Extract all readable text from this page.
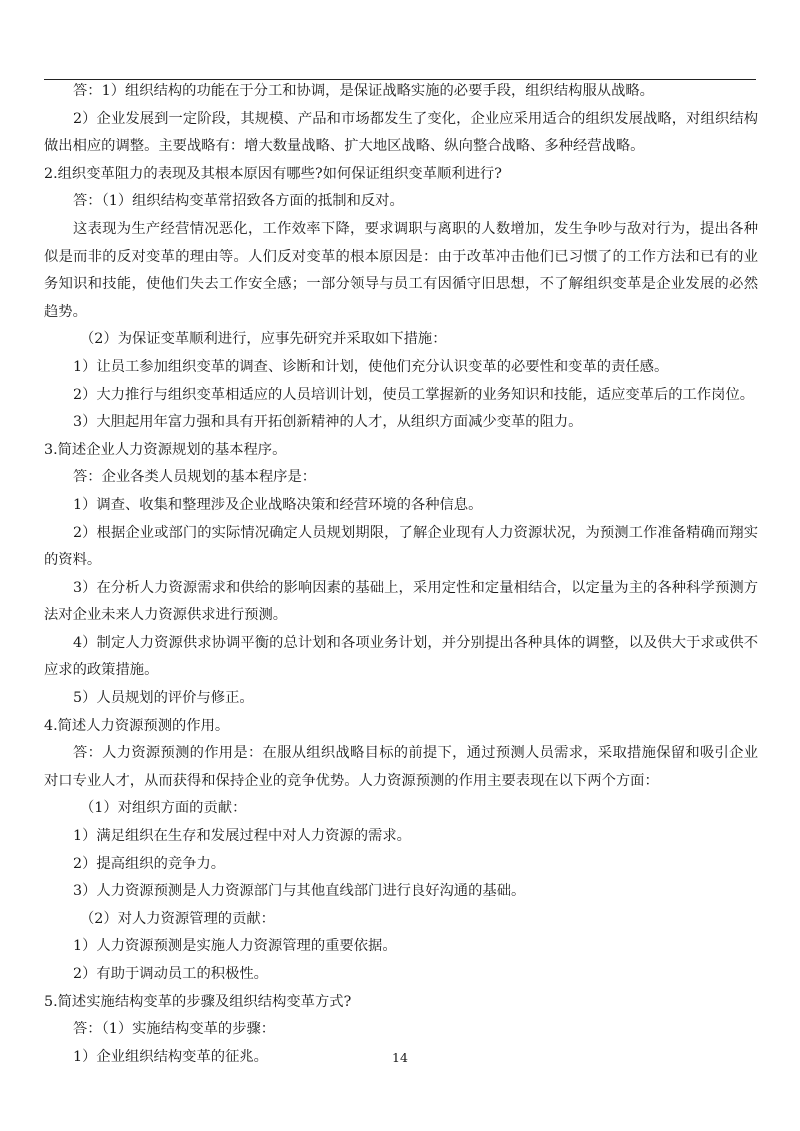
答：1）组织结构的功能在于分工和协调，是保证战略实施的必要手段，组织结构服从战略。

2）企业发展到一定阶段，其规模、产品和市场都发生了变化，企业应采用适合的组织发展战略，对组织结构做出相应的调整。主要战略有：增大数量战略、扩大地区战略、纵向整合战略、多种经营战略。

2.组织变革阻力的表现及其根本原因有哪些?如何保证组织变革顺利进行?

答：（1）组织结构变革常招致各方面的抵制和反对。

这表现为生产经营情况恶化，工作效率下降，要求调职与离职的人数增加，发生争吵与敌对行为，提出各种似是而非的反对变革的理由等。人们反对变革的根本原因是：由于改革冲击他们已习惯了的工作方法和已有的业务知识和技能，使他们失去工作安全感；一部分领导与员工有因循守旧思想，不了解组织变革是企业发展的必然趋势。

（2）为保证变革顺利进行，应事先研究并采取如下措施：

1）让员工参加组织变革的调查、诊断和计划，使他们充分认识变革的必要性和变革的责任感。

2）大力推行与组织变革相适应的人员培训计划，使员工掌握新的业务知识和技能，适应变革后的工作岗位。

3）大胆起用年富力强和具有开拓创新精神的人才，从组织方面减少变革的阻力。

3.简述企业人力资源规划的基本程序。

答：企业各类人员规划的基本程序是：

1）调查、收集和整理涉及企业战略决策和经营环境的各种信息。

2）根据企业或部门的实际情况确定人员规划期限，了解企业现有人力资源状况，为预测工作准备精确而翔实的资料。

3）在分析人力资源需求和供给的影响因素的基础上，采用定性和定量相结合，以定量为主的各种科学预测方法对企业未来人力资源供求进行预测。

4）制定人力资源供求协调平衡的总计划和各项业务计划，并分别提出各种具体的调整，以及供大于求或供不应求的政策措施。

5）人员规划的评价与修正。

4.简述人力资源预测的作用。

答：人力资源预测的作用是：在服从组织战略目标的前提下，通过预测人员需求，采取措施保留和吸引企业对口专业人才，从而获得和保持企业的竞争优势。人力资源预测的作用主要表现在以下两个方面：

（1）对组织方面的贡献：

1）满足组织在生存和发展过程中对人力资源的需求。

2）提高组织的竞争力。

3）人力资源预测是人力资源部门与其他直线部门进行良好沟通的基础。

（2）对人力资源管理的贡献：

1）人力资源预测是实施人力资源管理的重要依据。

2）有助于调动员工的积极性。

5.简述实施结构变革的步骤及组织结构变革方式?

答：（1）实施结构变革的步骤：

1）企业组织结构变革的征兆。	14
